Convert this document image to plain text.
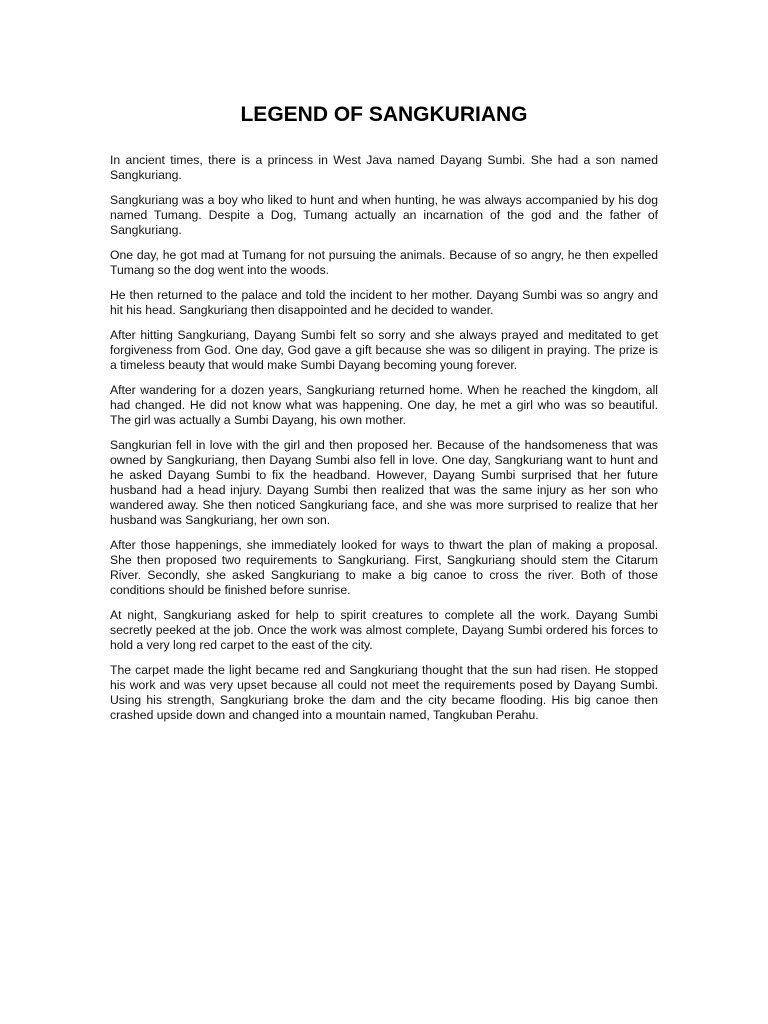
LEGEND OF SANGKURIANG

In ancient times, there is a princess in West Java named Dayang Sumbi. She had a son named Sangkuriang.

Sangkuriang was a boy who liked to hunt and when hunting, he was always accompanied by his dog named Tumang. Despite a Dog, Tumang actually an incarnation of the god and the father of Sangkuriang.

One day, he got mad at Tumang for not pursuing the animals. Because of so angry, he then expelled Tumang so the dog went into the woods.

He then returned to the palace and told the incident to her mother. Dayang Sumbi was so angry and hit his head. Sangkuriang then disappointed and he decided to wander.

After hitting Sangkuriang, Dayang Sumbi felt so sorry and she always prayed and meditated to get forgiveness from God. One day, God gave a gift because she was so diligent in praying. The prize is a timeless beauty that would make Sumbi Dayang becoming young forever.

After wandering for a dozen years, Sangkuriang returned home. When he reached the kingdom, all had changed. He did not know what was happening. One day, he met a girl who was so beautiful. The girl was actually a Sumbi Dayang, his own mother.

Sangkurian fell in love with the girl and then proposed her. Because of the handsomeness that was owned by Sangkuriang, then Dayang Sumbi also fell in love. One day, Sangkuriang want to hunt and he asked Dayang Sumbi to fix the headband. However, Dayang Sumbi surprised that her future husband had a head injury. Dayang Sumbi then realized that was the same injury as her son who wandered away. She then noticed Sangkuriang face, and she was more surprised to realize that her husband was Sangkuriang, her own son.

After those happenings, she immediately looked for ways to thwart the plan of making a proposal. She then proposed two requirements to Sangkuriang. First, Sangkuriang should stem the Citarum River. Secondly, she asked Sangkuriang to make a big canoe to cross the river. Both of those conditions should be finished before sunrise.

At night, Sangkuriang asked for help to spirit creatures to complete all the work. Dayang Sumbi secretly peeked at the job. Once the work was almost complete, Dayang Sumbi ordered his forces to hold a very long red carpet to the east of the city.

The carpet made the light became red and Sangkuriang thought that the sun had risen. He stopped his work and was very upset because all could not meet the requirements posed by Dayang Sumbi. Using his strength, Sangkuriang broke the dam and the city became flooding. His big canoe then crashed upside down and changed into a mountain named, Tangkuban Perahu.
